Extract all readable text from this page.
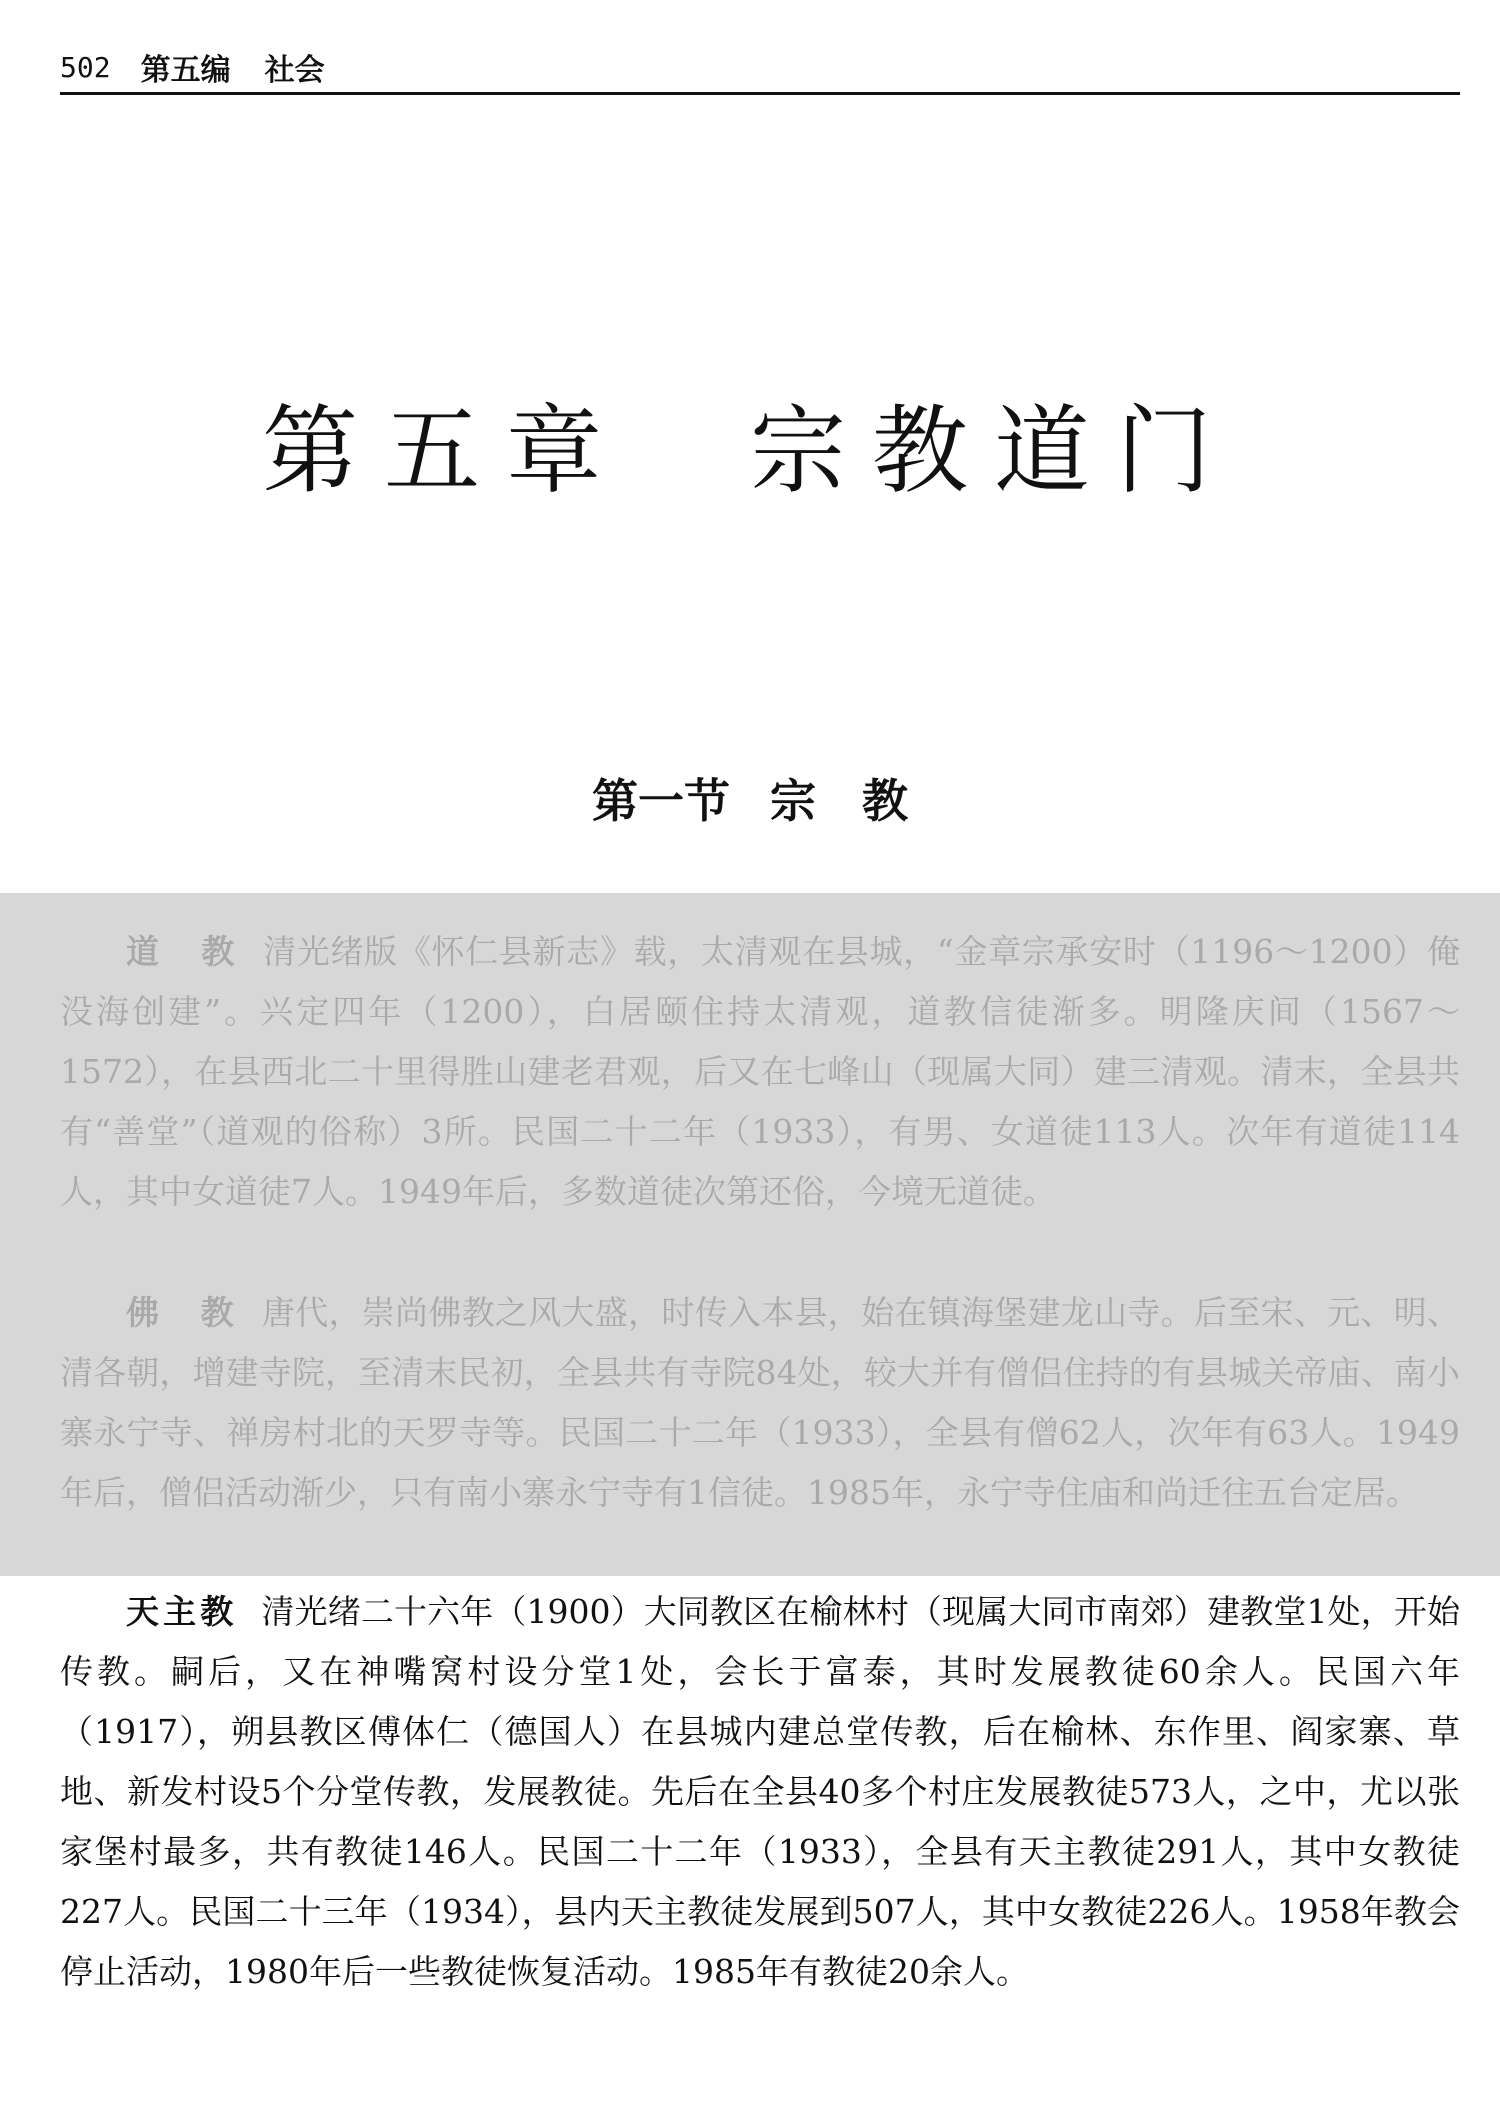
502 第五编 社会
第五章　宗教道门
第一节 宗　教

道　教 清光绪版《怀仁县新志》载，太清观在县城，“金章宗承安时（1196～1200）俺没海创建”。兴定四年（1200），白居颐住持太清观，道教信徒渐多。明隆庆间（1567～1572），在县西北二十里得胜山建老君观，后又在七峰山（现属大同）建三清观。清末，全县共有“善堂”（道观的俗称）3所。民国二十二年（1933），有男、女道徒113人。次年有道徒114人，其中女道徒7人。1949年后，多数道徒次第还俗，今境无道徒。

佛　教 唐代，崇尚佛教之风大盛，时传入本县，始在镇海堡建龙山寺。后至宋、元、明、清各朝，增建寺院，至清末民初，全县共有寺院84处，较大并有僧侣住持的有县城关帝庙、南小寨永宁寺、禅房村北的天罗寺等。民国二十二年（1933），全县有僧62人，次年有63人。1949年后，僧侣活动渐少，只有南小寨永宁寺有1信徒。1985年，永宁寺住庙和尚迁往五台定居。

天主教 清光绪二十六年（1900）大同教区在榆林村（现属大同市南郊）建教堂1处，开始传教。嗣后，又在神嘴窝村设分堂1处，会长于富泰，其时发展教徒60余人。民国六年（1917），朔县教区傅体仁（德国人）在县城内建总堂传教，后在榆林、东作里、阎家寨、草地、新发村设5个分堂传教，发展教徒。先后在全县40多个村庄发展教徒573人，之中，尤以张家堡村最多，共有教徒146人。民国二十二年（1933），全县有天主教徒291人，其中女教徒227人。民国二十三年（1934），县内天主教徒发展到507人，其中女教徒226人。1958年教会停止活动，1980年后一些教徒恢复活动。1985年有教徒20余人。
